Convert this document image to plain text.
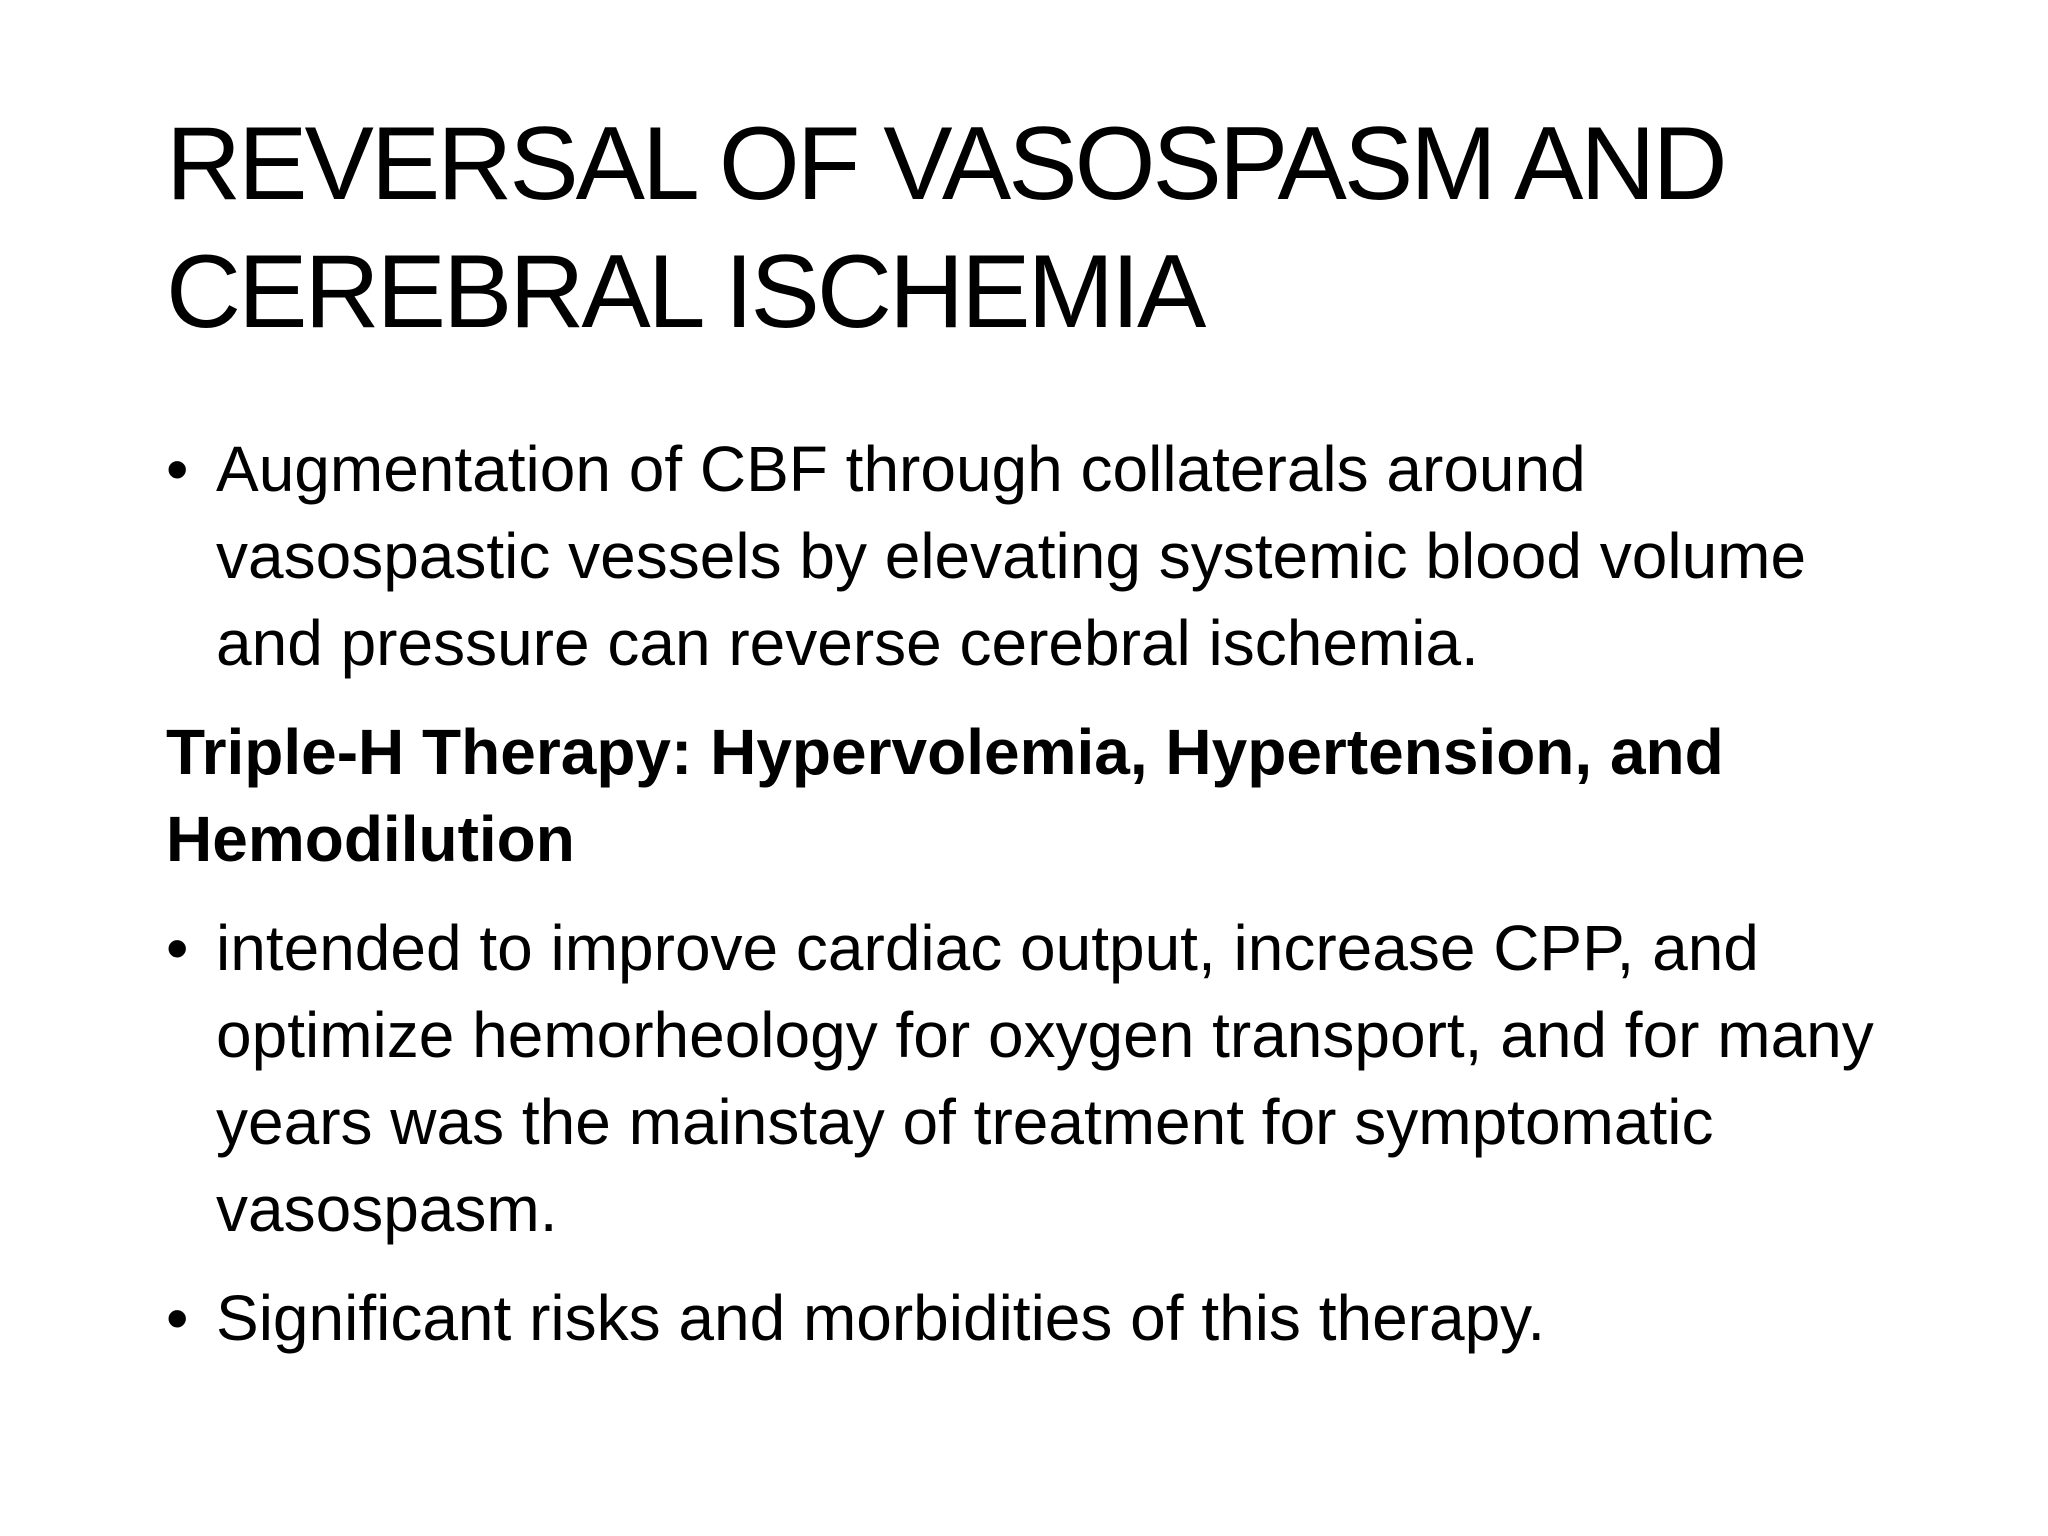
REVERSAL OF VASOSPASM AND CEREBRAL ISCHEMIA

• Augmentation of CBF through collaterals around vasospastic vessels by elevating systemic blood volume and pressure can reverse cerebral ischemia.

Triple-H Therapy: Hypervolemia, Hypertension, and Hemodilution

• intended to improve cardiac output, increase CPP, and optimize hemorheology for oxygen transport, and for many years was the mainstay of treatment for symptomatic vasospasm.

• Significant risks and morbidities of this therapy.
